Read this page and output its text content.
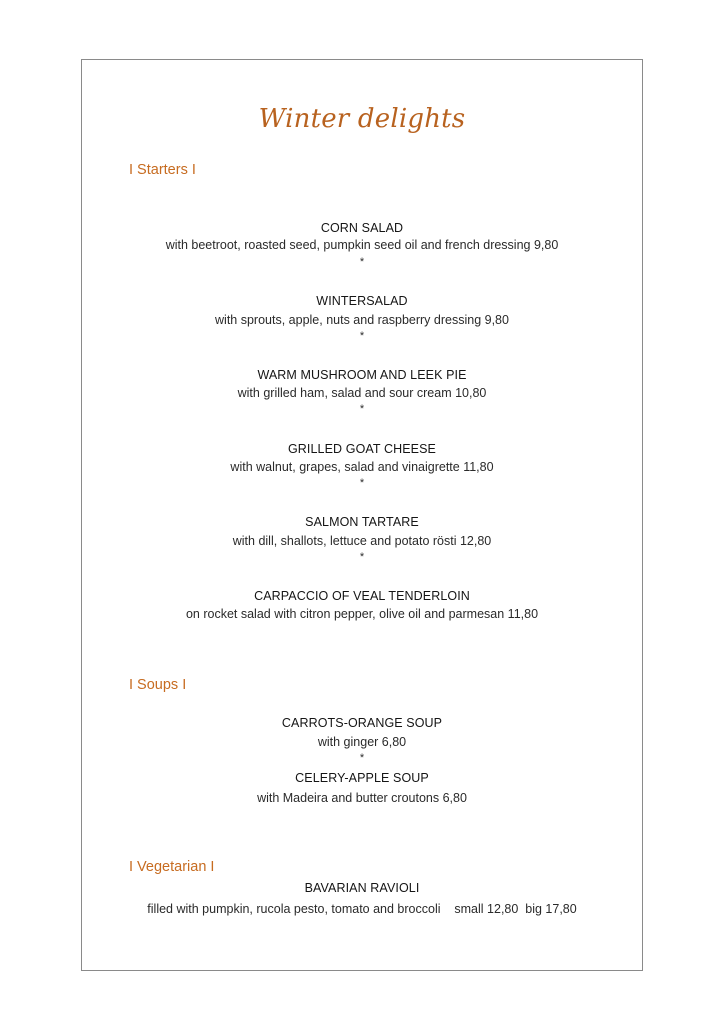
Winter delights
I Starters I

CORN SALAD

with beetroot, roasted seed, pumpkin seed oil and french dressing 9,80

*

WINTERSALAD

with sprouts, apple, nuts and raspberry dressing 9,80

*

WARM MUSHROOM AND LEEK PIE

with grilled ham, salad and sour cream 10,80

*

GRILLED GOAT CHEESE

with walnut, grapes, salad and vinaigrette 11,80

*

SALMON TARTARE

with dill, shallots, lettuce and potato rösti 12,80

*

CARPACCIO OF VEAL TENDERLOIN

on rocket salad with citron pepper, olive oil and parmesan 11,80

I Soups I

CARROTS-ORANGE SOUP

with ginger 6,80

*

CELERY-APPLE SOUP

with Madeira and butter croutons 6,80

I Vegetarian I

BAVARIAN RAVIOLI

filled with pumpkin, rucola pesto, tomato and broccoli    small 12,80  big 17,80
